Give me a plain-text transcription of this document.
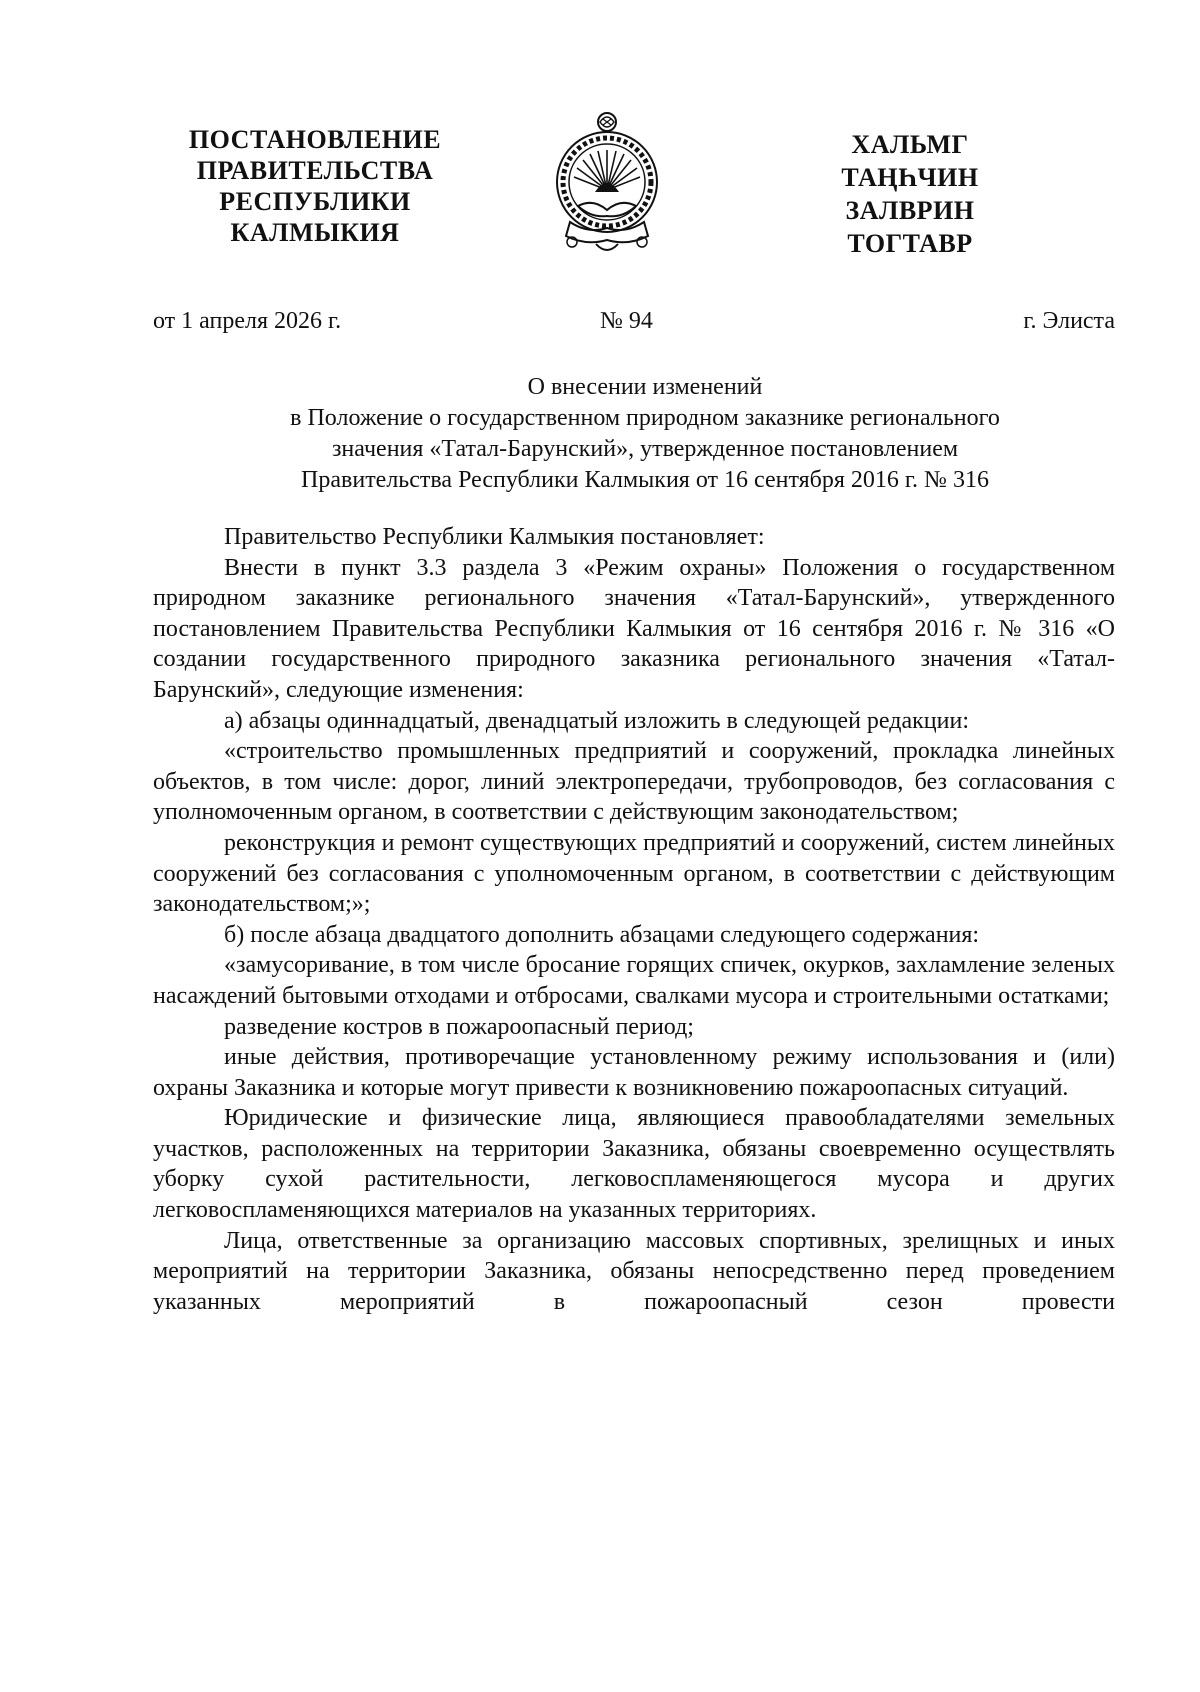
ПОСТАНОВЛЕНИЕ
ПРАВИТЕЛЬСТВА
РЕСПУБЛИКИ
КАЛМЫКИЯ
ХАЛЬМГ
ТАҢҺЧИН
ЗАЛВРИН
ТОГТАВР
от 1 апреля 2026 г.	№ 94	г. Элиста
О внесении изменений
в Положение о государственном природном заказнике регионального
значения «Татал-Барунский», утвержденное постановлением
Правительства Республики Калмыкия от 16 сентября 2016 г. № 316

Правительство Республики Калмыкия постановляет:

Внести в пункт 3.3 раздела 3 «Режим охраны» Положения о государственном природном заказнике регионального значения «Татал-Барунский», утвержденного постановлением Правительства Республики Калмыкия от 16 сентября 2016 г. № 316 «О создании государственного природного заказника регионального значения «Татал-Барунский», следующие изменения:

а) абзацы одиннадцатый, двенадцатый изложить в следующей редакции:

«строительство промышленных предприятий и сооружений, прокладка линейных объектов, в том числе: дорог, линий электропередачи, трубопроводов, без согласования с уполномоченным органом, в соответствии с действующим законодательством;

реконструкция и ремонт существующих предприятий и сооружений, систем линейных сооружений без согласования с уполномоченным органом, в соответствии с действующим законодательством;»;

б) после абзаца двадцатого дополнить абзацами следующего содержания:

«замусоривание, в том числе бросание горящих спичек, окурков, захламление зеленых насаждений бытовыми отходами и отбросами, свалками мусора и строительными остатками;

разведение костров в пожароопасный период;

иные действия, противоречащие установленному режиму использования и (или) охраны Заказника и которые могут привести к возникновению пожароопасных ситуаций.

Юридические и физические лица, являющиеся правообладателями земельных участков, расположенных на территории Заказника, обязаны своевременно осуществлять уборку сухой растительности, легковоспламеняющегося мусора и других легковоспламеняющихся материалов на указанных территориях.

Лица, ответственные за организацию массовых спортивных, зрелищных и иных мероприятий на территории Заказника, обязаны непосредственно перед проведением указанных мероприятий в пожароопасный сезон провести
